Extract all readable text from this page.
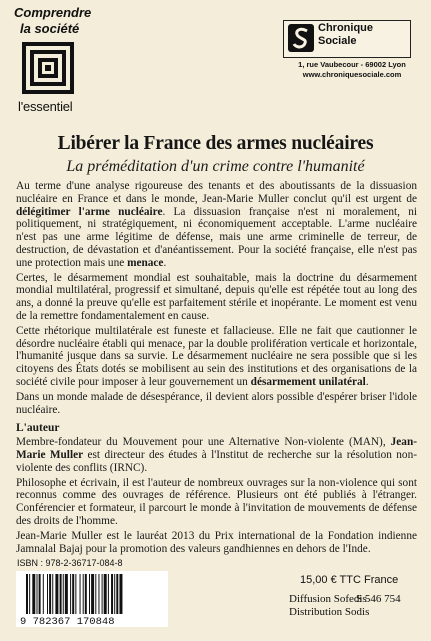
Comprendre
la société
l'essentiel
Chronique
Sociale
1, rue Vaubecour - 69002 Lyon
www.chroniquesociale.com
Libérer la France des armes nucléaires
La préméditation d'un crime contre l'humanité

Au terme d'une analyse rigoureuse des tenants et des aboutissants de la dissuasion nucléaire en France et dans le monde, Jean-Marie Muller conclut qu'il est urgent de délégitimer l'arme nucléaire. La dissuasion française n'est ni moralement, ni politiquement, ni stratégiquement, ni économiquement acceptable. L'arme nucléaire n'est pas une arme légitime de défense, mais une arme criminelle de terreur, de destruction, de dévastation et d'anéantissement. Pour la société française, elle n'est pas une protection mais une menace.

Certes, le désarmement mondial est souhaitable, mais la doctrine du désarmement mondial multilatéral, progressif et simultané, depuis qu'elle est répétée tout au long des ans, a donné la preuve qu'elle est parfaitement stérile et inopérante. Le moment est venu de la remettre fondamentalement en cause.

Cette rhétorique multilatérale est funeste et fallacieuse. Elle ne fait que cautionner le désordre nucléaire établi qui menace, par la double prolifération verticale et horizontale, l'humanité jusque dans sa survie. Le désarmement nucléaire ne sera possible que si les citoyens des États dotés se mobilisent au sein des institutions et des organisations de la société civile pour imposer à leur gouvernement un désarmement unilatéral.

Dans un monde malade de désespérance, il devient alors possible d'espérer briser l'idole nucléaire.

L'auteur

Membre-fondateur du Mouvement pour une Alternative Non-violente (MAN), Jean-Marie Muller est directeur des études à l'Institut de recherche sur la résolution non-violente des conflits (IRNC).

Philosophe et écrivain, il est l'auteur de nombreux ouvrages sur la non-violence qui sont reconnus comme des ouvrages de référence. Plusieurs ont été publiés à l'étranger. Conférencier et formateur, il parcourt le monde à l'invitation de mouvements de défense des droits de l'homme.

Jean-Marie Muller est le lauréat 2013 du Prix international de la Fondation indienne Jamnalal Bajaj pour la promotion des valeurs gandhiennes en dehors de l'Inde.

ISBN : 978-2-36717-084-8
9 782367 170848
15,00 € TTC France
Diffusion Sofedis
Distribution Sodis
S 546 754
